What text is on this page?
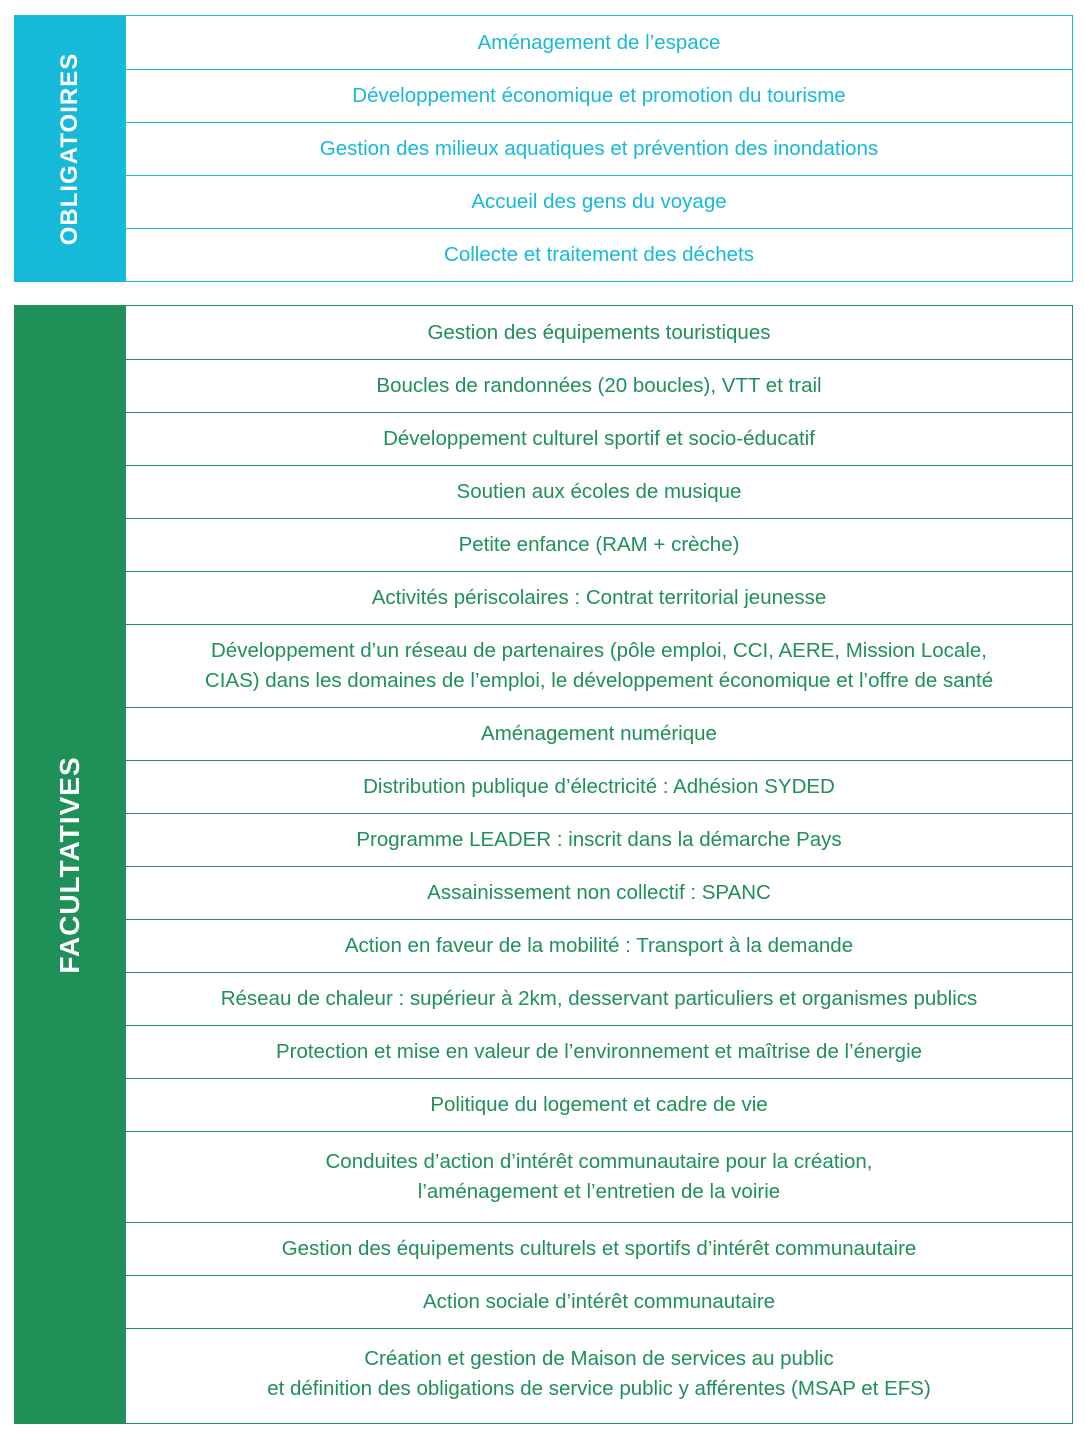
OBLIGATOIRES
Aménagement de l’espace
Développement économique et promotion du tourisme
Gestion des milieux aquatiques et prévention des inondations
Accueil des gens du voyage
Collecte et traitement des déchets
FACULTATIVES
Gestion des équipements touristiques
Boucles de randonnées (20 boucles), VTT et trail
Développement culturel sportif et socio-éducatif
Soutien aux écoles de musique
Petite enfance (RAM + crèche)
Activités périscolaires : Contrat territorial jeunesse
Développement d’un réseau de partenaires (pôle emploi, CCI, AERE, Mission Locale,
CIAS) dans les domaines de l’emploi, le développement économique et l’offre de santé
Aménagement numérique
Distribution publique d’électricité : Adhésion SYDED
Programme LEADER : inscrit dans la démarche Pays
Assainissement non collectif : SPANC
Action en faveur de la mobilité : Transport à la demande
Réseau de chaleur : supérieur à 2km, desservant particuliers et organismes publics
Protection et mise en valeur de l’environnement et maîtrise de l’énergie
Politique du logement et cadre de vie
Conduites d’action d’intérêt communautaire pour la création,
l’aménagement et l’entretien de la voirie
Gestion des équipements culturels et sportifs d’intérêt communautaire
Action sociale d’intérêt communautaire
Création et gestion de Maison de services au public
et définition des obligations de service public y afférentes (MSAP et EFS)
